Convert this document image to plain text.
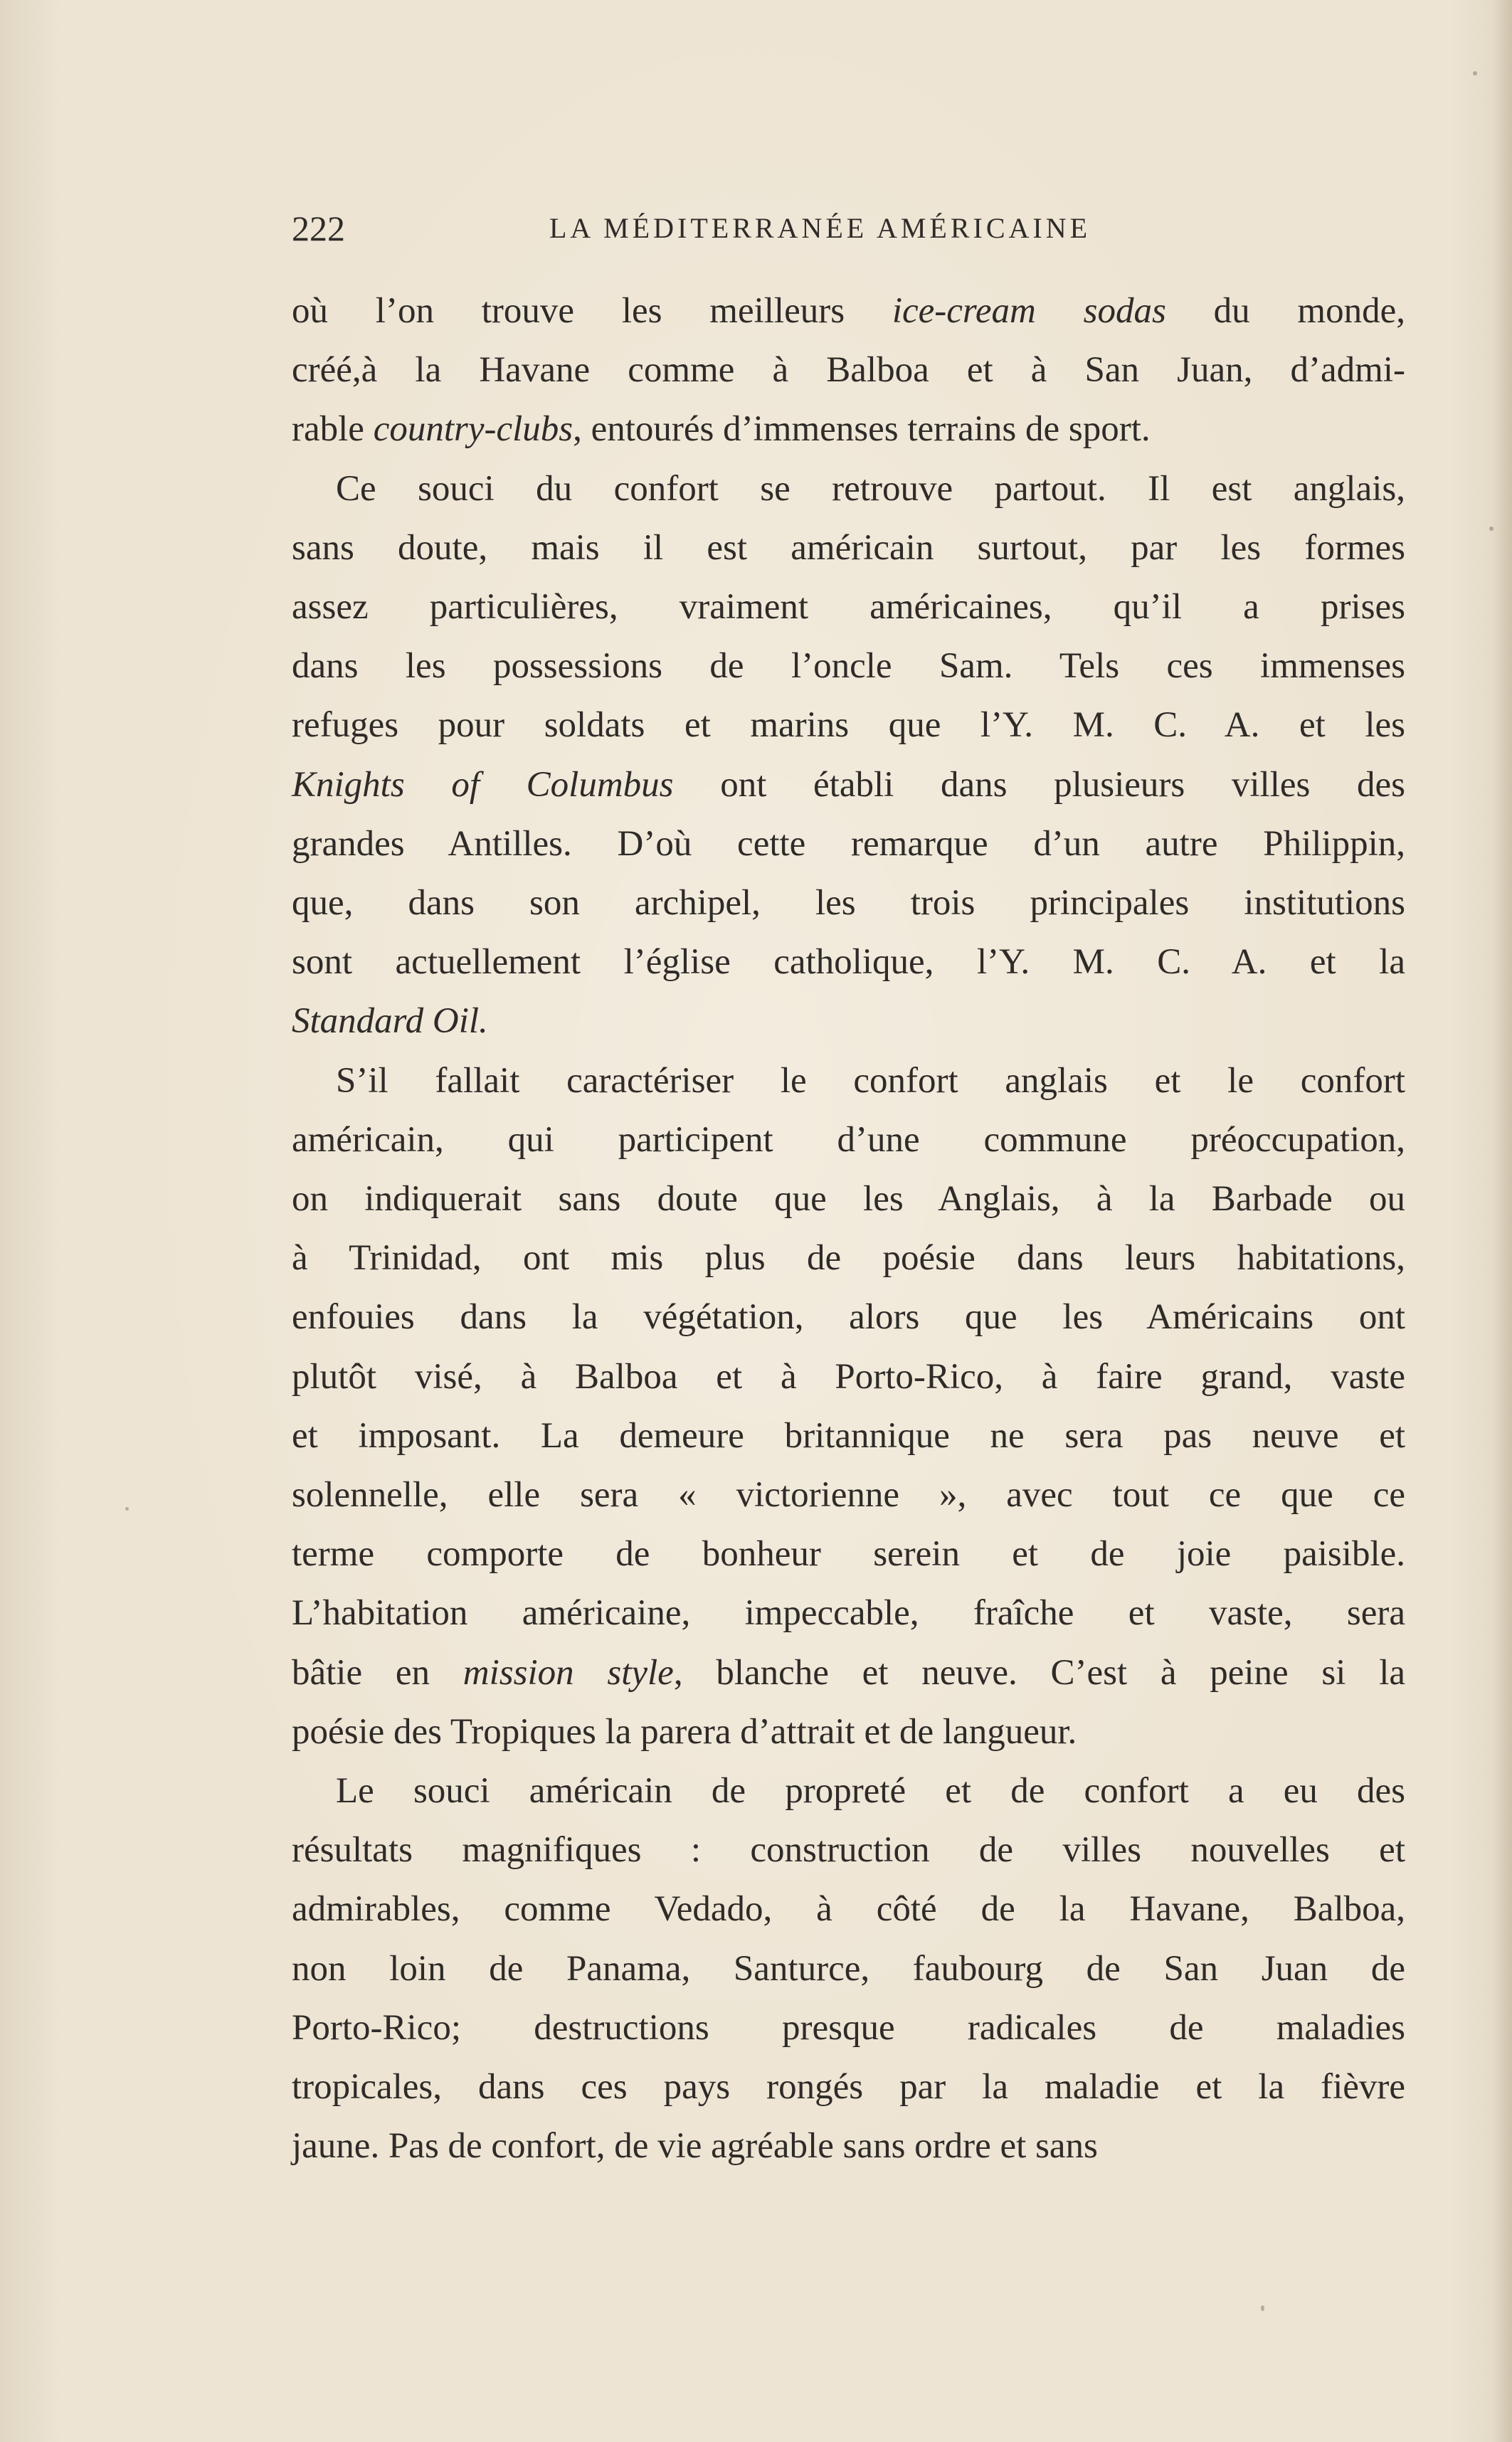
222	LA MÉDITERRANÉE AMÉRICAINE
où l’on trouve les meilleurs ice-cream sodas du monde,
créé,à la Havane comme à Balboa et à San Juan, d’admi-
rable country-clubs, entourés d’immenses terrains de sport.
Ce souci du confort se retrouve partout. Il est anglais,
sans doute, mais il est américain surtout, par les formes
assez particulières, vraiment américaines, qu’il a prises
dans les possessions de l’oncle Sam. Tels ces immenses
refuges pour soldats et marins que l’Y. M. C. A. et les
Knights of Columbus ont établi dans plusieurs villes des
grandes Antilles. D’où cette remarque d’un autre Philippin,
que, dans son archipel, les trois principales institutions
sont actuellement l’église catholique, l’Y. M. C. A. et la
Standard Oil.
S’il fallait caractériser le confort anglais et le confort
américain, qui participent d’une commune préoccupation,
on indiquerait sans doute que les Anglais, à la Barbade ou
à Trinidad, ont mis plus de poésie dans leurs habitations,
enfouies dans la végétation, alors que les Américains ont
plutôt visé, à Balboa et à Porto-Rico, à faire grand, vaste
et imposant. La demeure britannique ne sera pas neuve et
solennelle, elle sera « victorienne », avec tout ce que ce
terme comporte de bonheur serein et de joie paisible.
L’habitation américaine, impeccable, fraîche et vaste, sera
bâtie en mission style, blanche et neuve. C’est à peine si la
poésie des Tropiques la parera d’attrait et de langueur.
Le souci américain de propreté et de confort a eu des
résultats magnifiques : construction de villes nouvelles et
admirables, comme Vedado, à côté de la Havane, Balboa,
non loin de Panama, Santurce, faubourg de San Juan de
Porto-Rico; destructions presque radicales de maladies
tropicales, dans ces pays rongés par la maladie et la fièvre
jaune. Pas de confort, de vie agréable sans ordre et sans
